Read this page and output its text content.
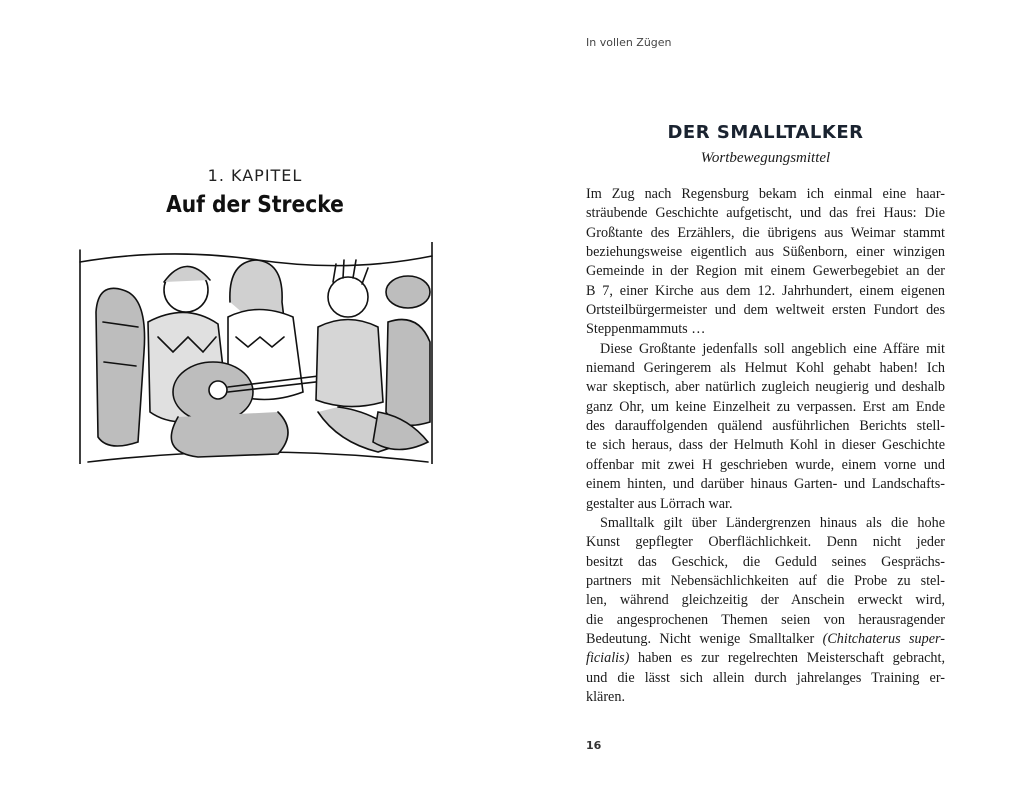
1. KAPITEL
Auf der Strecke
In vollen Zügen
DER SMALLTALKER
Wortbewegungsmittel
Im Zug nach Regensburg bekam ich einmal eine haar-
sträubende Geschichte aufgetischt, und das frei Haus: Die
Großtante des Erzählers, die übrigens aus Weimar stammt
beziehungsweise eigentlich aus Süßenborn, einer winzigen
Gemeinde in der Region mit einem Gewerbegebiet an der
B 7, einer Kirche aus dem 12. Jahrhundert, einem eigenen
Ortsteilbürgermeister und dem weltweit ersten Fundort des
Steppenmammuts …
Diese Großtante jedenfalls soll angeblich eine Affäre mit
niemand Geringerem als Helmut Kohl gehabt haben! Ich
war skeptisch, aber natürlich zugleich neugierig und deshalb
ganz Ohr, um keine Einzelheit zu verpassen. Erst am Ende
des darauffolgenden quälend ausführlichen Berichts stell-
te sich heraus, dass der Helmuth Kohl in dieser Geschichte
offenbar mit zwei H geschrieben wurde, einem vorne und
einem hinten, und darüber hinaus Garten- und Landschafts-
gestalter aus Lörrach war.
Smalltalk gilt über Ländergrenzen hinaus als die hohe
Kunst gepflegter Oberflächlichkeit. Denn nicht jeder
besitzt das Geschick, die Geduld seines Gesprächs-
partners mit Nebensächlichkeiten auf die Probe zu stel-
len, während gleichzeitig der Anschein erweckt wird,
die angesprochenen Themen seien von herausragender
Bedeutung. Nicht wenige Smalltalker (Chitchaterus super-
ficialis) haben es zur regelrechten Meisterschaft gebracht,
und die lässt sich allein durch jahrelanges Training er-
klären.
16
